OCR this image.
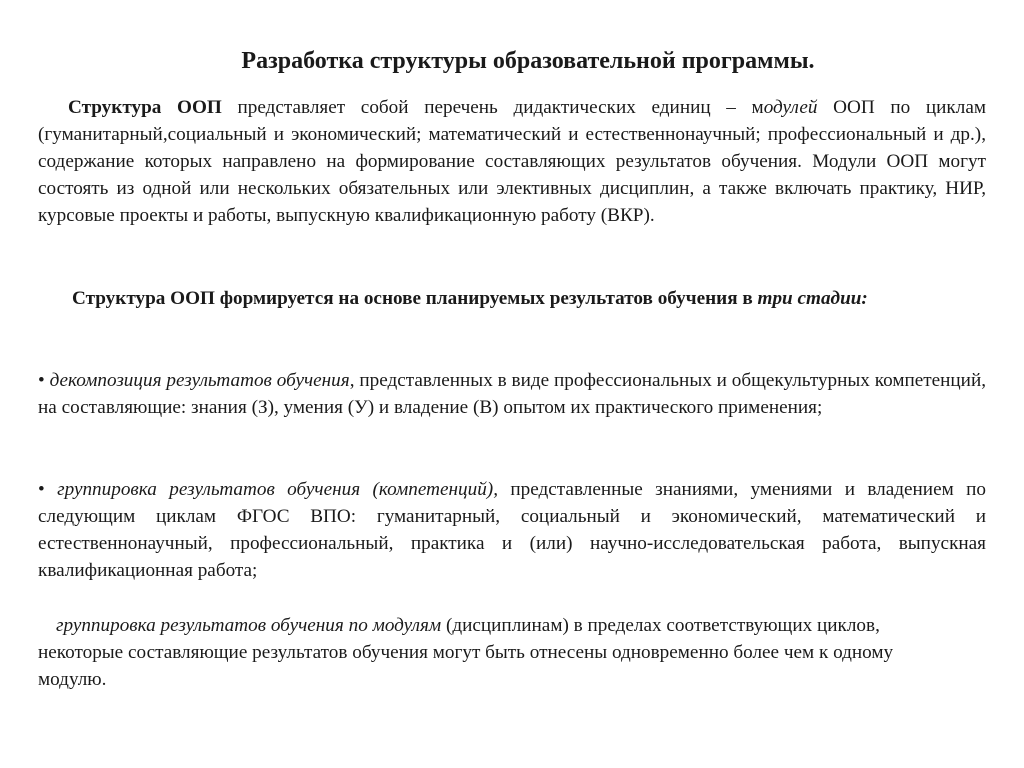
Разработка структуры образовательной программы.

Структура ООП представляет собой перечень дидактических единиц – модулей ООП по циклам (гуманитарный,социальный и экономический; математический и естественнонаучный; профессиональный и др.), содержание которых направлено на формирование составляющих результатов обучения. Модули ООП могут состоять из одной или нескольких обязательных или элективных дисциплин, а также включать практику, НИР, курсовые проекты и работы, выпускную квалификационную работу (ВКР).

Структура ООП формируется на основе планируемых результатов обучения в три стадии:

• декомпозиция результатов обучения, представленных в виде профессиональных и общекультурных компетенций, на составляющие: знания (З), умения (У) и владение (В) опытом их практического применения;

• группировка результатов обучения (компетенций), представленные знаниями, умениями и владением по следующим циклам ФГОС ВПО: гуманитарный, социальный и экономический, математический и естественнонаучный, профессиональный, практика и (или) научно-исследовательская работа, выпускная квалификационная работа;

группировка результатов обучения по модулям (дисциплинам) в пределах соответствующих циклов, некоторые составляющие результатов обучения могут быть отнесены одновременно более чем к одному модулю.
